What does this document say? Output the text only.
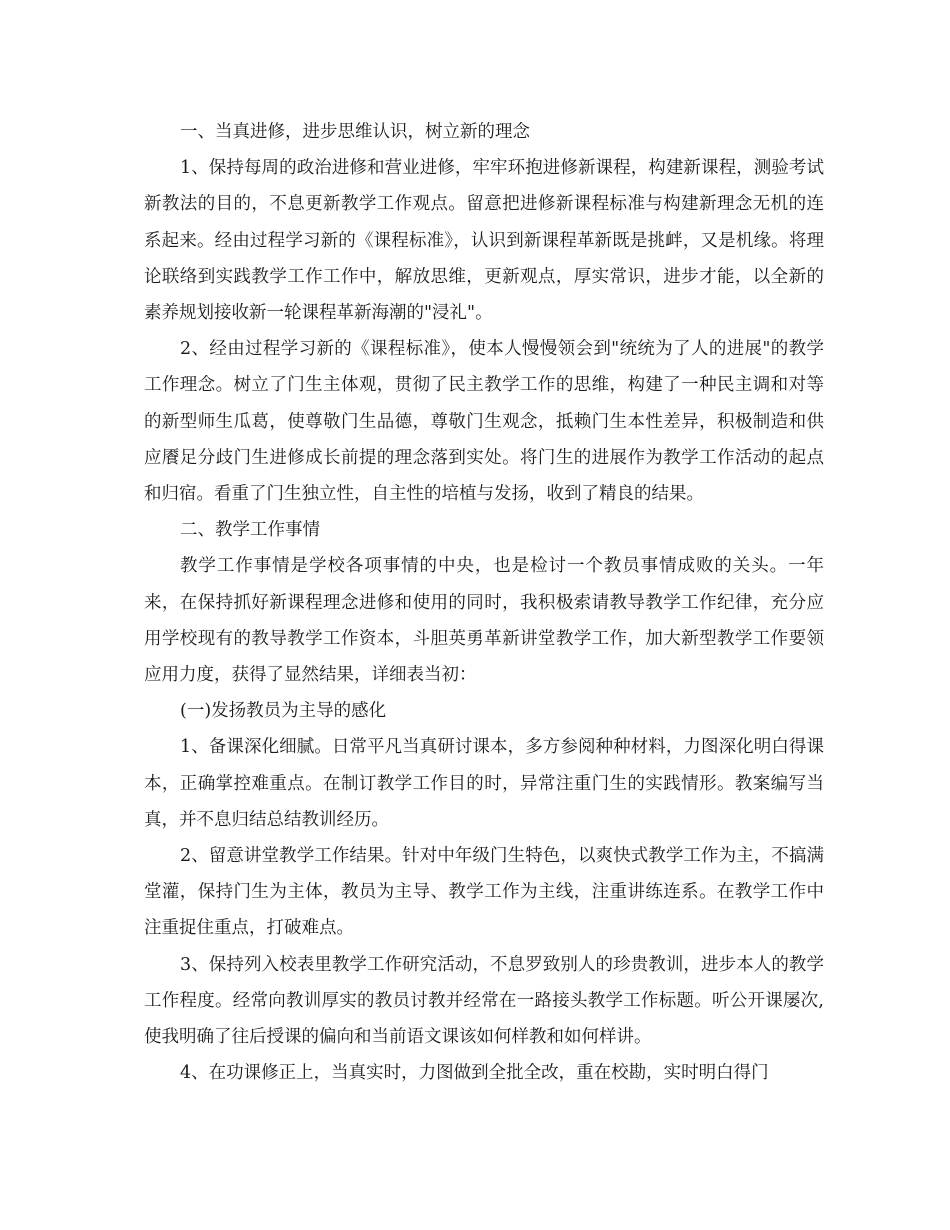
一、当真进修，进步思维认识，树立新的理念

1、保持每周的政治进修和营业进修，牢牢环抱进修新课程，构建新课程，测验考试新教法的目的，不息更新教学工作观点。留意把进修新课程标准与构建新理念无机的连系起来。经由过程学习新的《课程标准》，认识到新课程革新既是挑衅，又是机缘。将理论联络到实践教学工作工作中，解放思维，更新观点，厚实常识，进步才能，以全新的素养规划接收新一轮课程革新海潮的"浸礼"。

2、经由过程学习新的《课程标准》，使本人慢慢领会到"统统为了人的进展"的教学工作理念。树立了门生主体观，贯彻了民主教学工作的思维，构建了一种民主调和对等的新型师生瓜葛，使尊敬门生品德，尊敬门生观念，抵赖门生本性差异，积极制造和供应餍足分歧门生进修成长前提的理念落到实处。将门生的进展作为教学工作活动的起点和归宿。看重了门生独立性，自主性的培植与发扬，收到了精良的结果。

二、教学工作事情

教学工作事情是学校各项事情的中央，也是检讨一个教员事情成败的关头。一年来，在保持抓好新课程理念进修和使用的同时，我积极索请教导教学工作纪律，充分应用学校现有的教导教学工作资本，斗胆英勇革新讲堂教学工作，加大新型教学工作要领应用力度，获得了显然结果，详细表当初：

(一)发扬教员为主导的感化

1、备课深化细腻。日常平凡当真研讨课本，多方参阅种种材料，力图深化明白得课本，正确掌控难重点。在制订教学工作目的时，异常注重门生的实践情形。教案编写当真，并不息归结总结教训经历。

2、留意讲堂教学工作结果。针对中年级门生特色，以爽快式教学工作为主，不搞满堂灌，保持门生为主体，教员为主导、教学工作为主线，注重讲练连系。在教学工作中注重捉住重点，打破难点。

3、保持列入校表里教学工作研究活动，不息罗致别人的珍贵教训，进步本人的教学工作程度。经常向教训厚实的教员讨教并经常在一路接头教学工作标题。听公开课屡次,使我明确了往后授课的偏向和当前语文课该如何样教和如何样讲。

4、在功课修正上，当真实时，力图做到全批全改，重在校勘，实时明白得门
